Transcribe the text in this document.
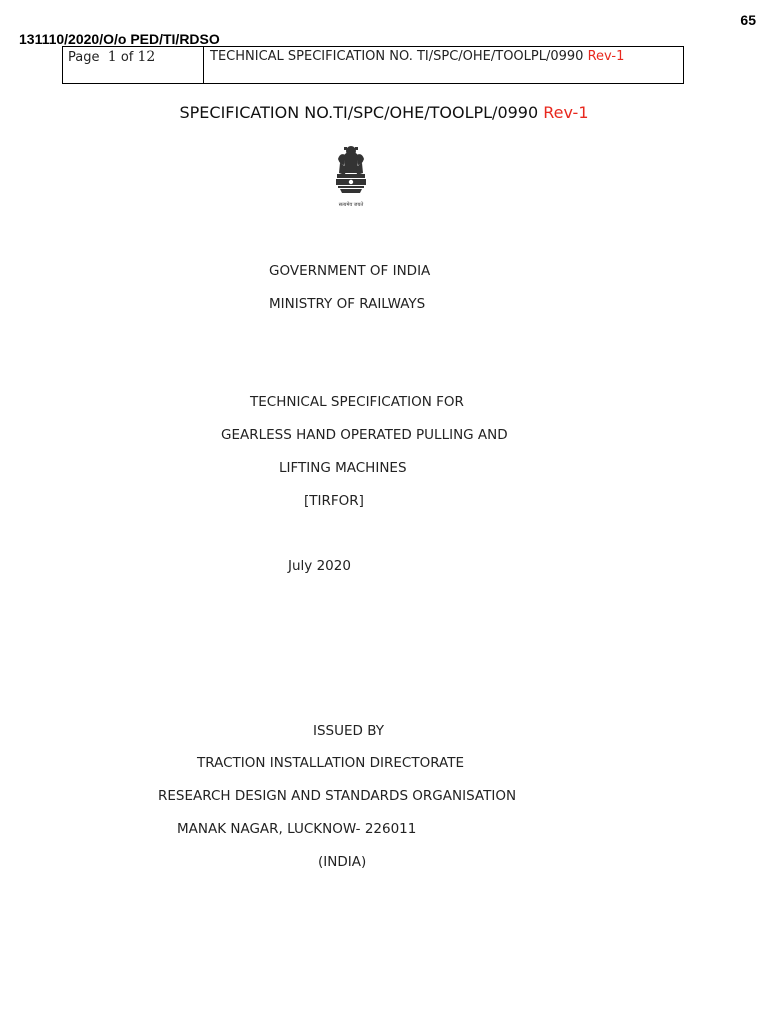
65
131110/2020/O/o PED/TI/RDSO
Page 1 of 12	TECHNICAL SPECIFICATION NO. TI/SPC/OHE/TOOLPL/0990 Rev-1
SPECIFICATION NO.TI/SPC/OHE/TOOLPL/0990 Rev-1
सत्यमेव जयते
GOVERNMENT OF INDIA
MINISTRY OF RAILWAYS
TECHNICAL SPECIFICATION FOR
GEARLESS HAND OPERATED PULLING AND
LIFTING MACHINES
[TIRFOR]
July 2020
ISSUED BY
TRACTION INSTALLATION DIRECTORATE
RESEARCH DESIGN AND STANDARDS ORGANISATION
MANAK NAGAR, LUCKNOW- 226011
(INDIA)
